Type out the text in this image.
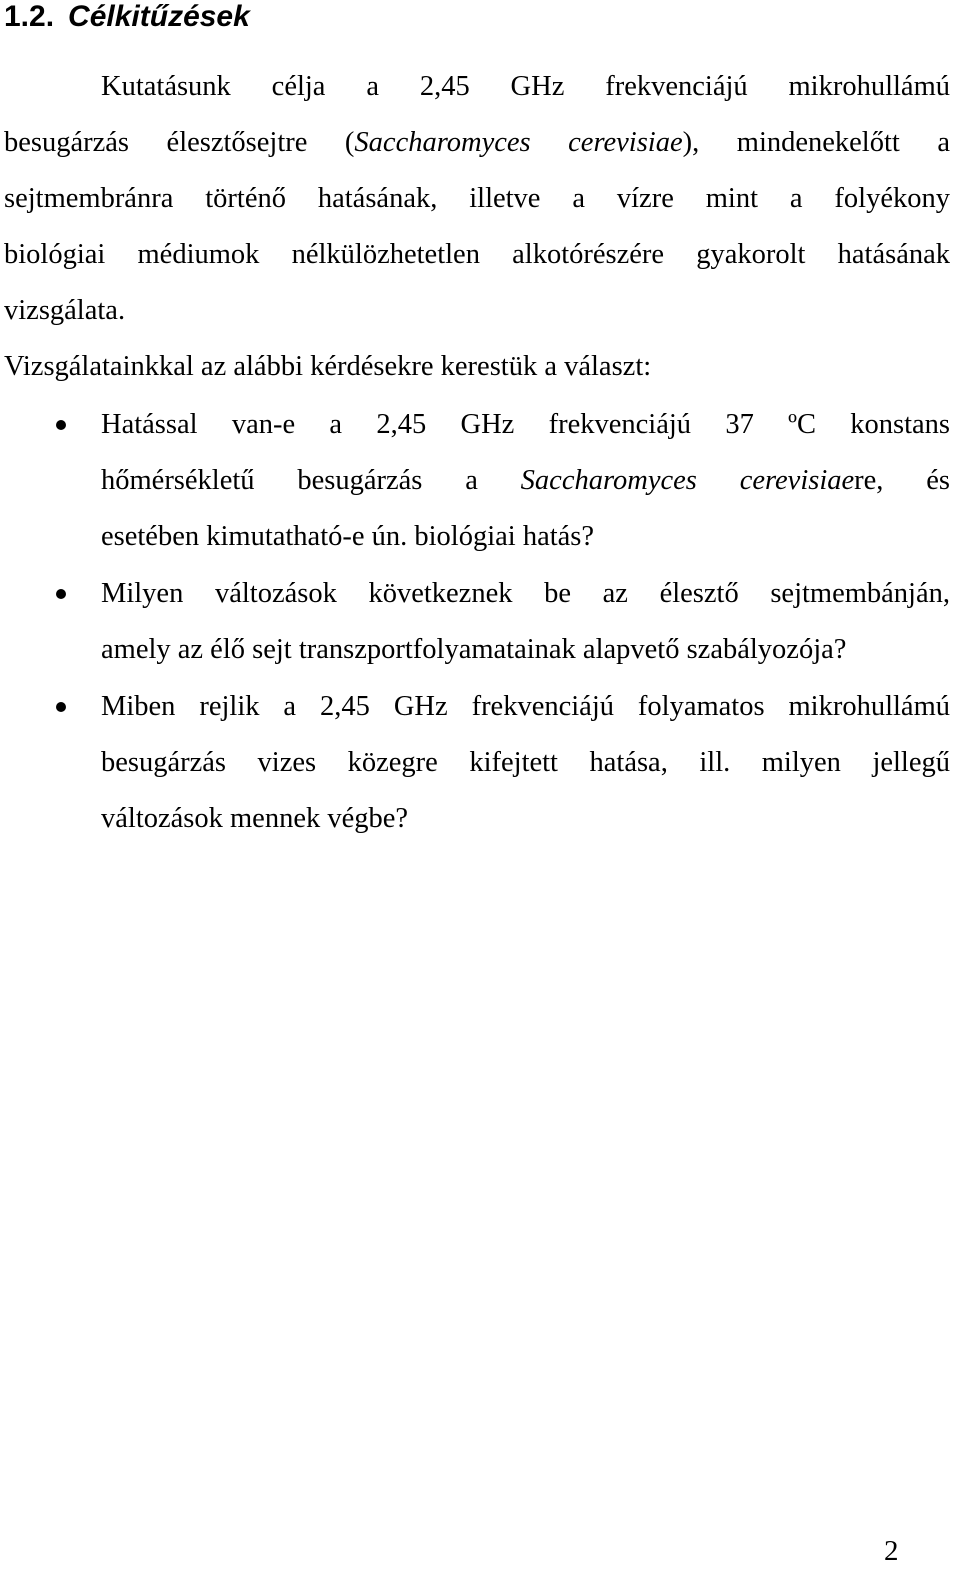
1.2. Célkitűzések

Kutatásunk célja a 2,45 GHz frekvenciájú mikrohullámú

besugárzás élesztősejtre (Saccharomyces cerevisiae), mindenekelőtt a

sejtmembránra történő hatásának, illetve a vízre mint a folyékony

biológiai médiumok nélkülözhetetlen alkotórészére gyakorolt hatásának

vizsgálata.

Vizsgálatainkkal az alábbi kérdésekre kerestük a választ:

Hatással van-e a 2,45 GHz frekvenciájú 37 ºC konstans

hőmérsékletű besugárzás a Saccharomyces cerevisiaere, és

esetében kimutatható-e ún. biológiai hatás?

Milyen változások következnek be az élesztő sejtmembánján,

amely az élő sejt transzportfolyamatainak alapvető szabályozója?

Miben rejlik a 2,45 GHz frekvenciájú folyamatos mikrohullámú

besugárzás vizes közegre kifejtett hatása, ill. milyen jellegű

változások mennek végbe?

2
